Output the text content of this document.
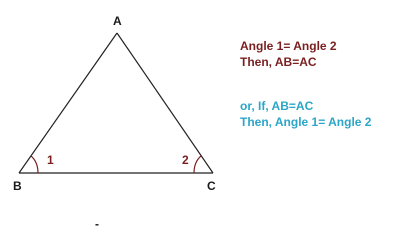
A
B	C
1	2
-
Angle 1= Angle 2
Then, AB=AC
or, If, AB=AC
Then, Angle 1= Angle 2
